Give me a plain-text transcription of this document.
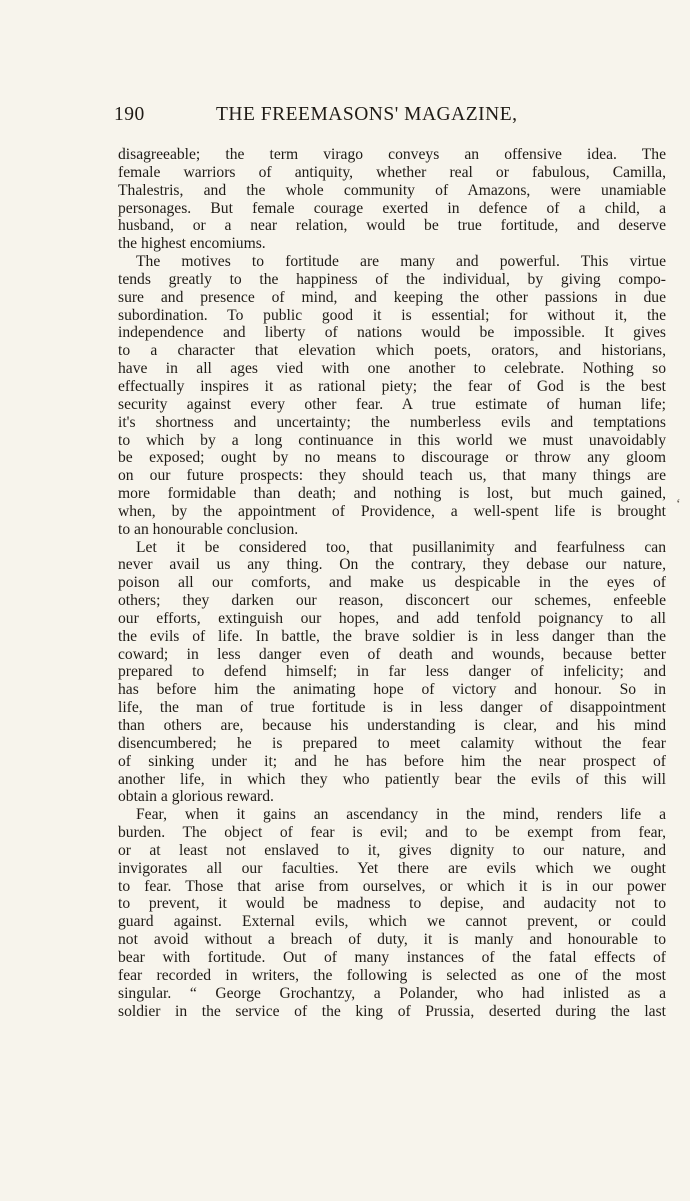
190	THE FREEMASONS' MAGAZINE,
disagreeable; the term virago conveys an offensive idea. The
female warriors of antiquity, whether real or fabulous, Camilla,
Thalestris, and the whole community of Amazons, were unamiable
personages. But female courage exerted in defence of a child, a
husband, or a near relation, would be true fortitude, and deserve
the highest encomiums.
The motives to fortitude are many and powerful. This virtue
tends greatly to the happiness of the individual, by giving compo-
sure and presence of mind, and keeping the other passions in due
subordination. To public good it is essential; for without it, the
independence and liberty of nations would be impossible. It gives
to a character that elevation which poets, orators, and historians,
have in all ages vied with one another to celebrate. Nothing so
effectually inspires it as rational piety; the fear of God is the best
security against every other fear. A true estimate of human life;
it's shortness and uncertainty; the numberless evils and temptations
to which by a long continuance in this world we must unavoidably
be exposed; ought by no means to discourage or throw any gloom
on our future prospects: they should teach us, that many things are
more formidable than death; and nothing is lost, but much gained,
when, by the appointment of Providence, a well-spent life is brought
to an honourable conclusion.
Let it be considered too, that pusillanimity and fearfulness can
never avail us any thing. On the contrary, they debase our nature,
poison all our comforts, and make us despicable in the eyes of
others; they darken our reason, disconcert our schemes, enfeeble
our efforts, extinguish our hopes, and add tenfold poignancy to all
the evils of life. In battle, the brave soldier is in less danger than the
coward; in less danger even of death and wounds, because better
prepared to defend himself; in far less danger of infelicity; and
has before him the animating hope of victory and honour. So in
life, the man of true fortitude is in less danger of disappointment
than others are, because his understanding is clear, and his mind
disencumbered; he is prepared to meet calamity without the fear
of sinking under it; and he has before him the near prospect of
another life, in which they who patiently bear the evils of this will
obtain a glorious reward.
Fear, when it gains an ascendancy in the mind, renders life a
burden. The object of fear is evil; and to be exempt from fear,
or at least not enslaved to it, gives dignity to our nature, and
invigorates all our faculties. Yet there are evils which we ought
to fear. Those that arise from ourselves, or which it is in our power
to prevent, it would be madness to depise, and audacity not to
guard against. External evils, which we cannot prevent, or could
not avoid without a breach of duty, it is manly and honourable to
bear with fortitude. Out of many instances of the fatal effects of
fear recorded in writers, the following is selected as one of the most
singular. “ George Grochantzy, a Polander, who had inlisted as a
soldier in the service of the king of Prussia, deserted during the last
‘
